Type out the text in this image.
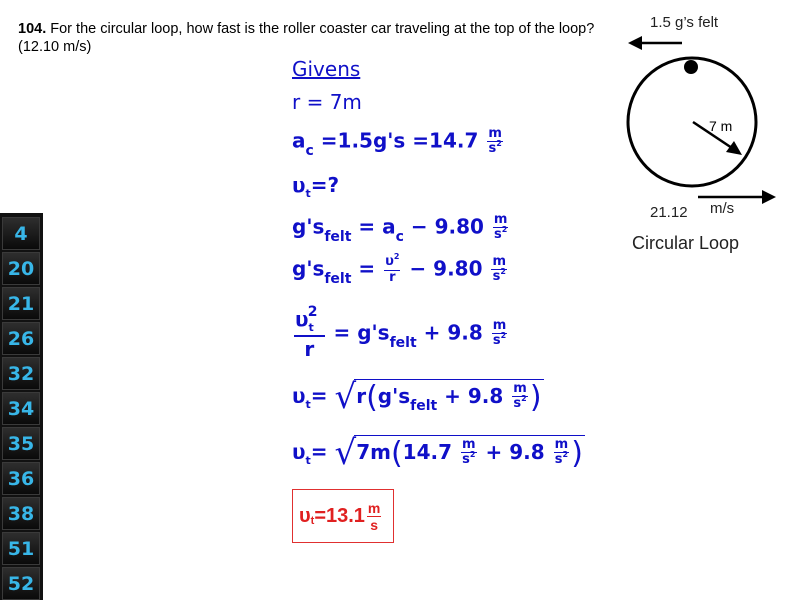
104. For the circular loop, how fast is the roller coaster car traveling at the top of the loop? (12.10 m/s)
Givens
r = 7m
$a_c =1.5g's =14.7 \frac{m}{s^2}$
$\upsilon_t=$?
$g's_{felt} = a_c - 9.80 \frac{m}{s^2}$
$g's_{felt} = \frac{\upsilon^2}{r} - 9.80 \frac{m}{s^2}$
$\frac{\upsilon_t^2}{r} = g's_{felt} + 9.8 \frac{m}{s^2}$
$\upsilon_t= √r(g's_{felt} + 9.8 \frac{m}{s^2}$ )
$\upsilon_t= √7m(14.7 \frac{m}{s^2} + 9.8 \frac{m}{s^2}$ )
υ $t =13.1 \frac{m}{s}$
1.5 g’s felt
7 m
21.12 m/s
Circular Loop
4
20
21
26
32
34
35
36
38
51
52
